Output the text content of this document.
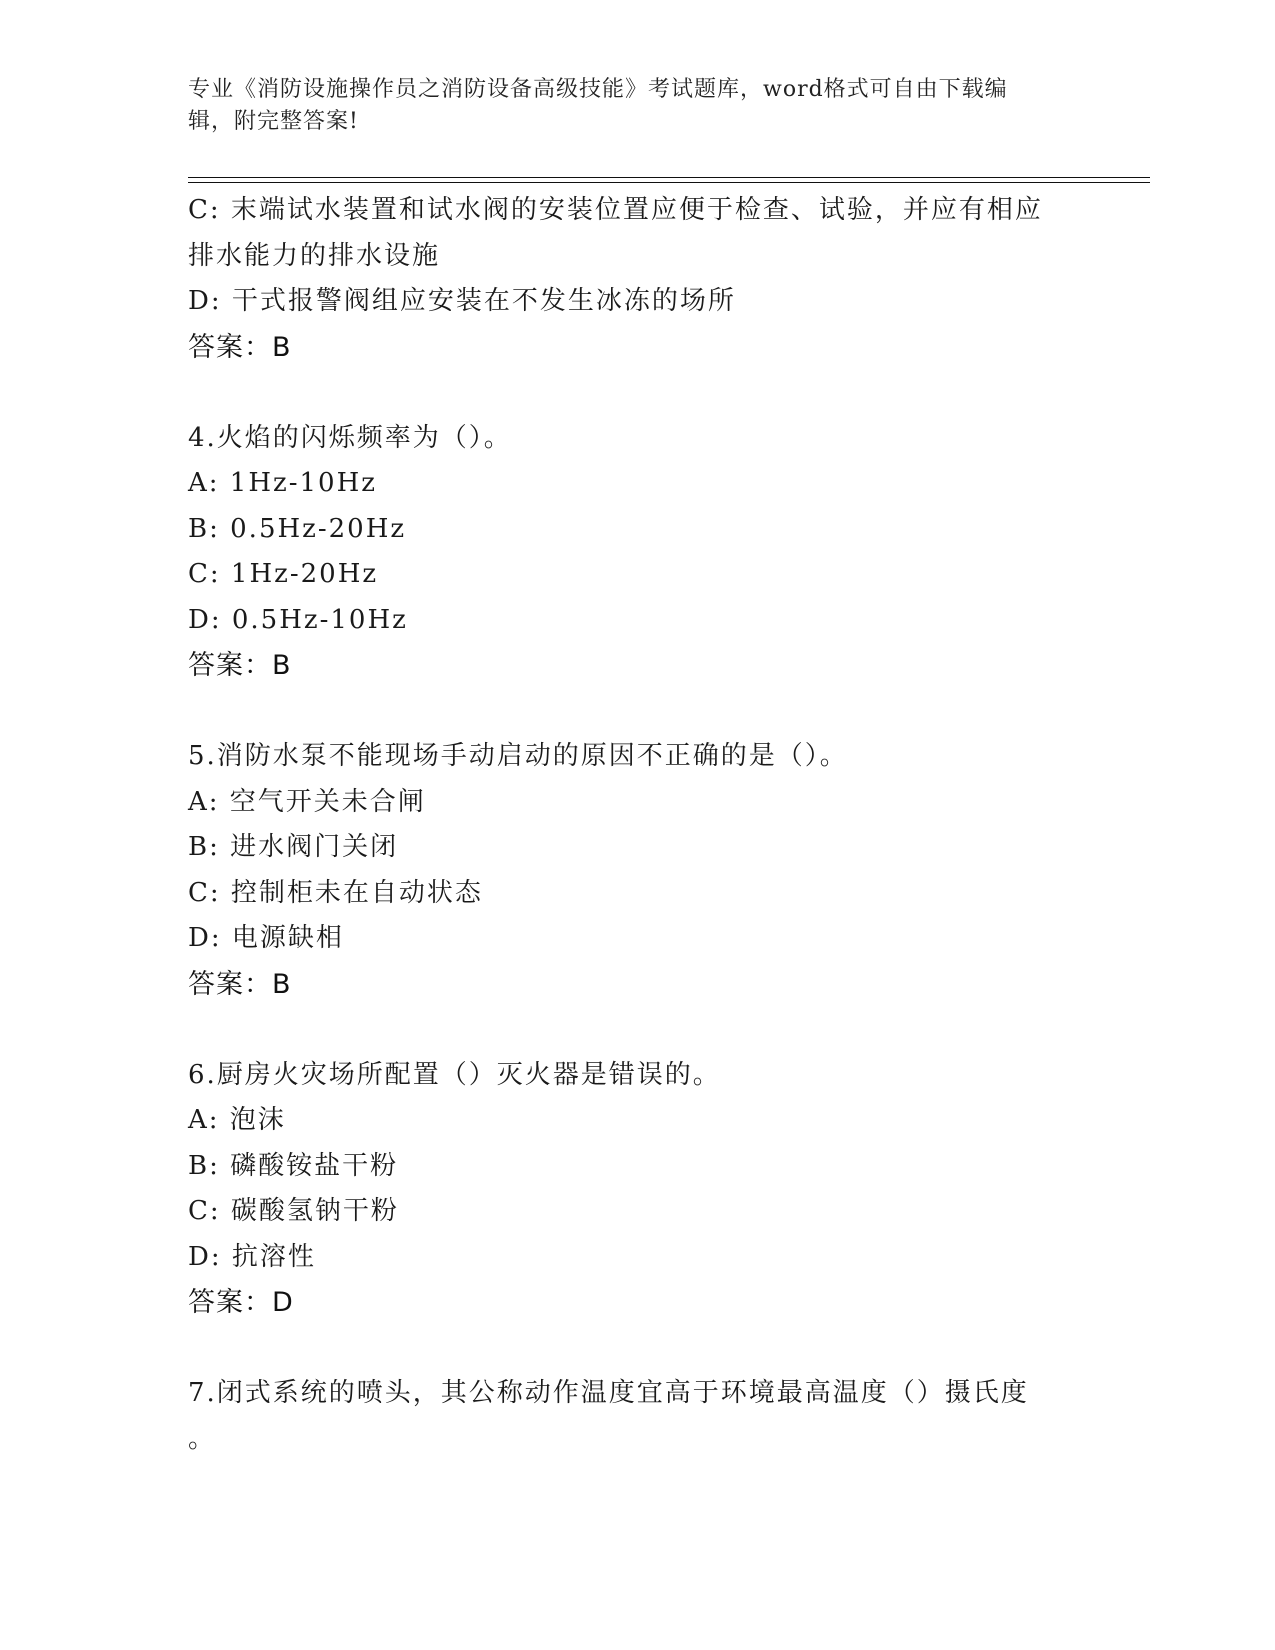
专业《消防设施操作员之消防设备高级技能》考试题库，word格式可自由下载编
辑，附完整答案!
C: 末端试水装置和试水阀的安装位置应便于检查、试验，并应有相应
排水能力的排水设施
D: 干式报警阀组应安装在不发生冰冻的场所
答案：B
4.火焰的闪烁频率为（）。
A: 1Hz-10Hz
B: 0.5Hz-20Hz
C: 1Hz-20Hz
D: 0.5Hz-10Hz
答案：B
5.消防水泵不能现场手动启动的原因不正确的是（）。
A: 空气开关未合闸
B: 进水阀门关闭
C: 控制柜未在自动状态
D: 电源缺相
答案：B
6.厨房火灾场所配置（）灭火器是错误的。
A: 泡沫
B: 磷酸铵盐干粉
C: 碳酸氢钠干粉
D: 抗溶性
答案：D
7.闭式系统的喷头，其公称动作温度宜高于环境最高温度（）摄氏度
。
